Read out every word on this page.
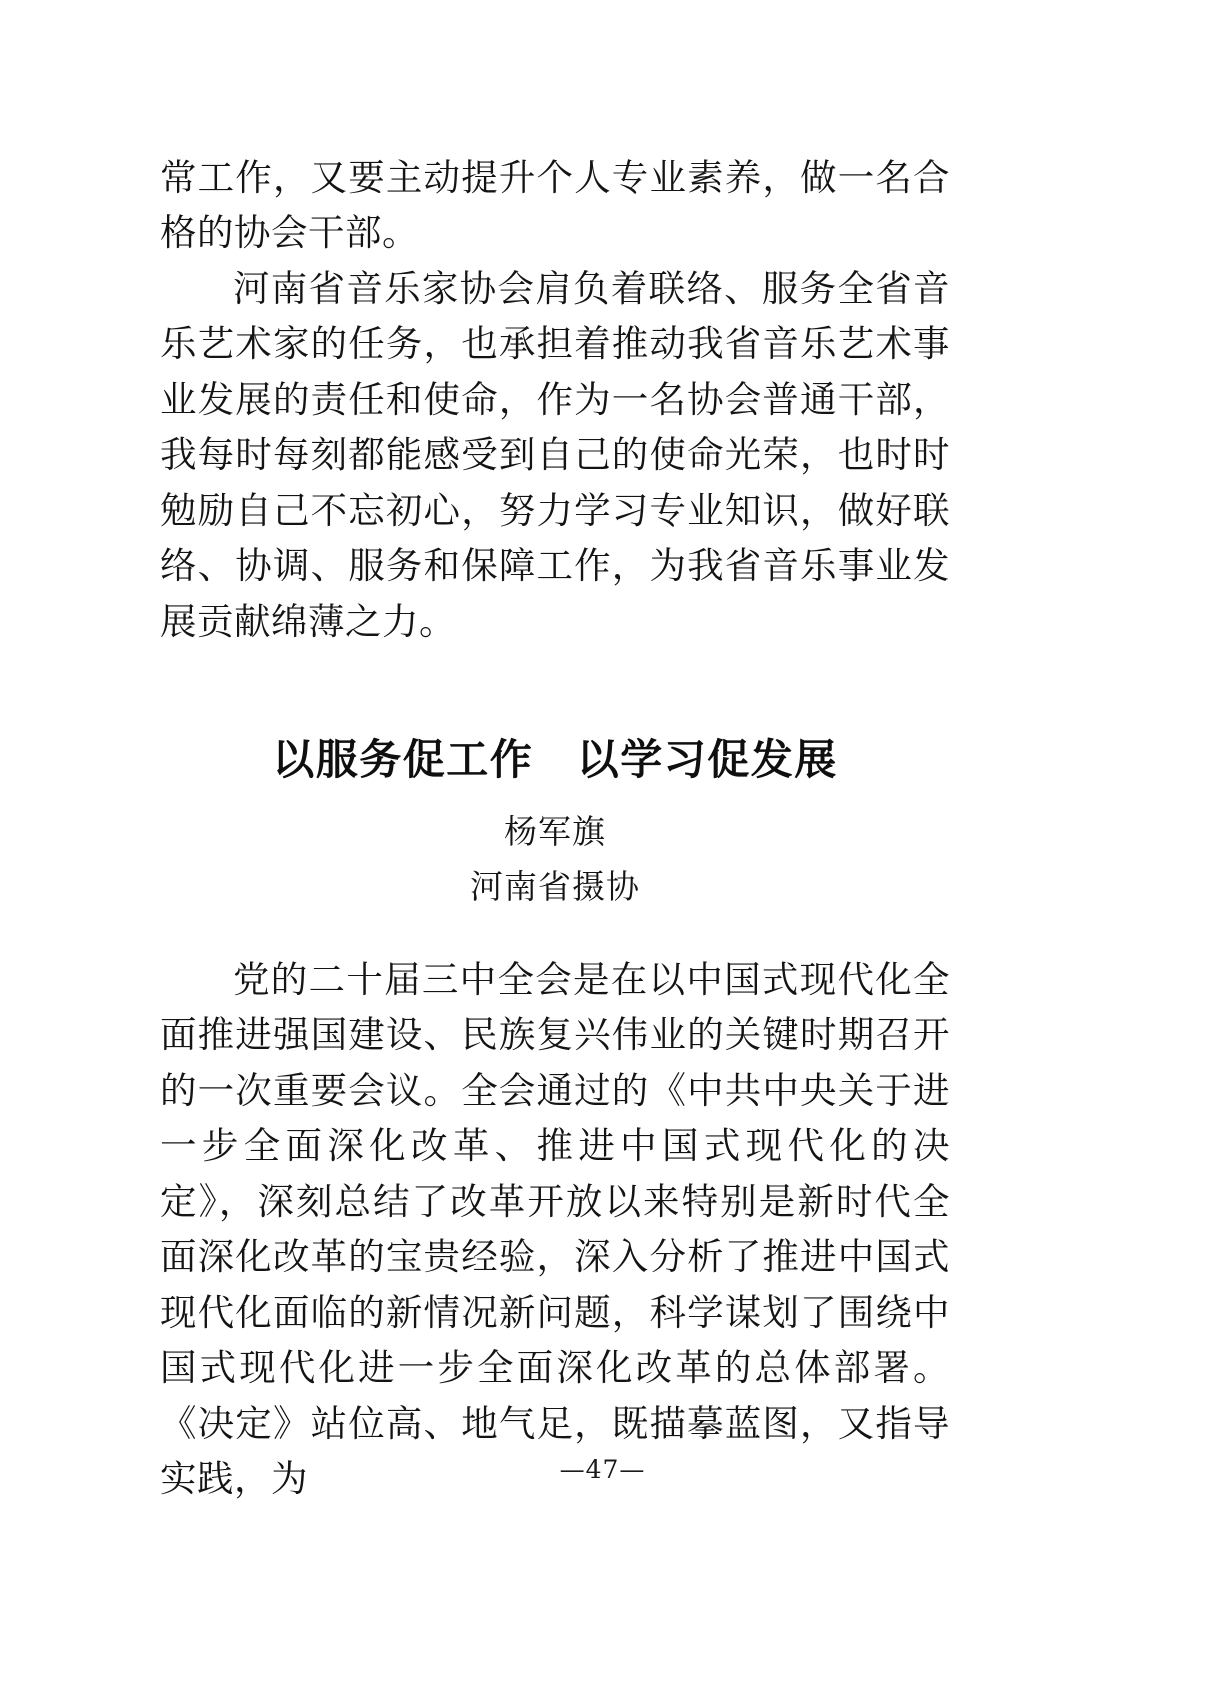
常工作，又要主动提升个人专业素养，做一名合格的协会干部。

河南省音乐家协会肩负着联络、服务全省音乐艺术家的任务，也承担着推动我省音乐艺术事业发展的责任和使命，作为一名协会普通干部，我每时每刻都能感受到自己的使命光荣，也时时勉励自己不忘初心，努力学习专业知识，做好联络、协调、服务和保障工作，为我省音乐事业发展贡献绵薄之力。

以服务促工作　以学习促发展

杨军旗

河南省摄协

党的二十届三中全会是在以中国式现代化全面推进强国建设、民族复兴伟业的关键时期召开的一次重要会议。全会通过的《中共中央关于进一步全面深化改革、推进中国式现代化的决定》，深刻总结了改革开放以来特别是新时代全面深化改革的宝贵经验，深入分析了推进中国式现代化面临的新情况新问题，科学谋划了围绕中国式现代化进一步全面深化改革的总体部署。《决定》站位高、地气足，既描摹蓝图，又指导实践，为	—47—
